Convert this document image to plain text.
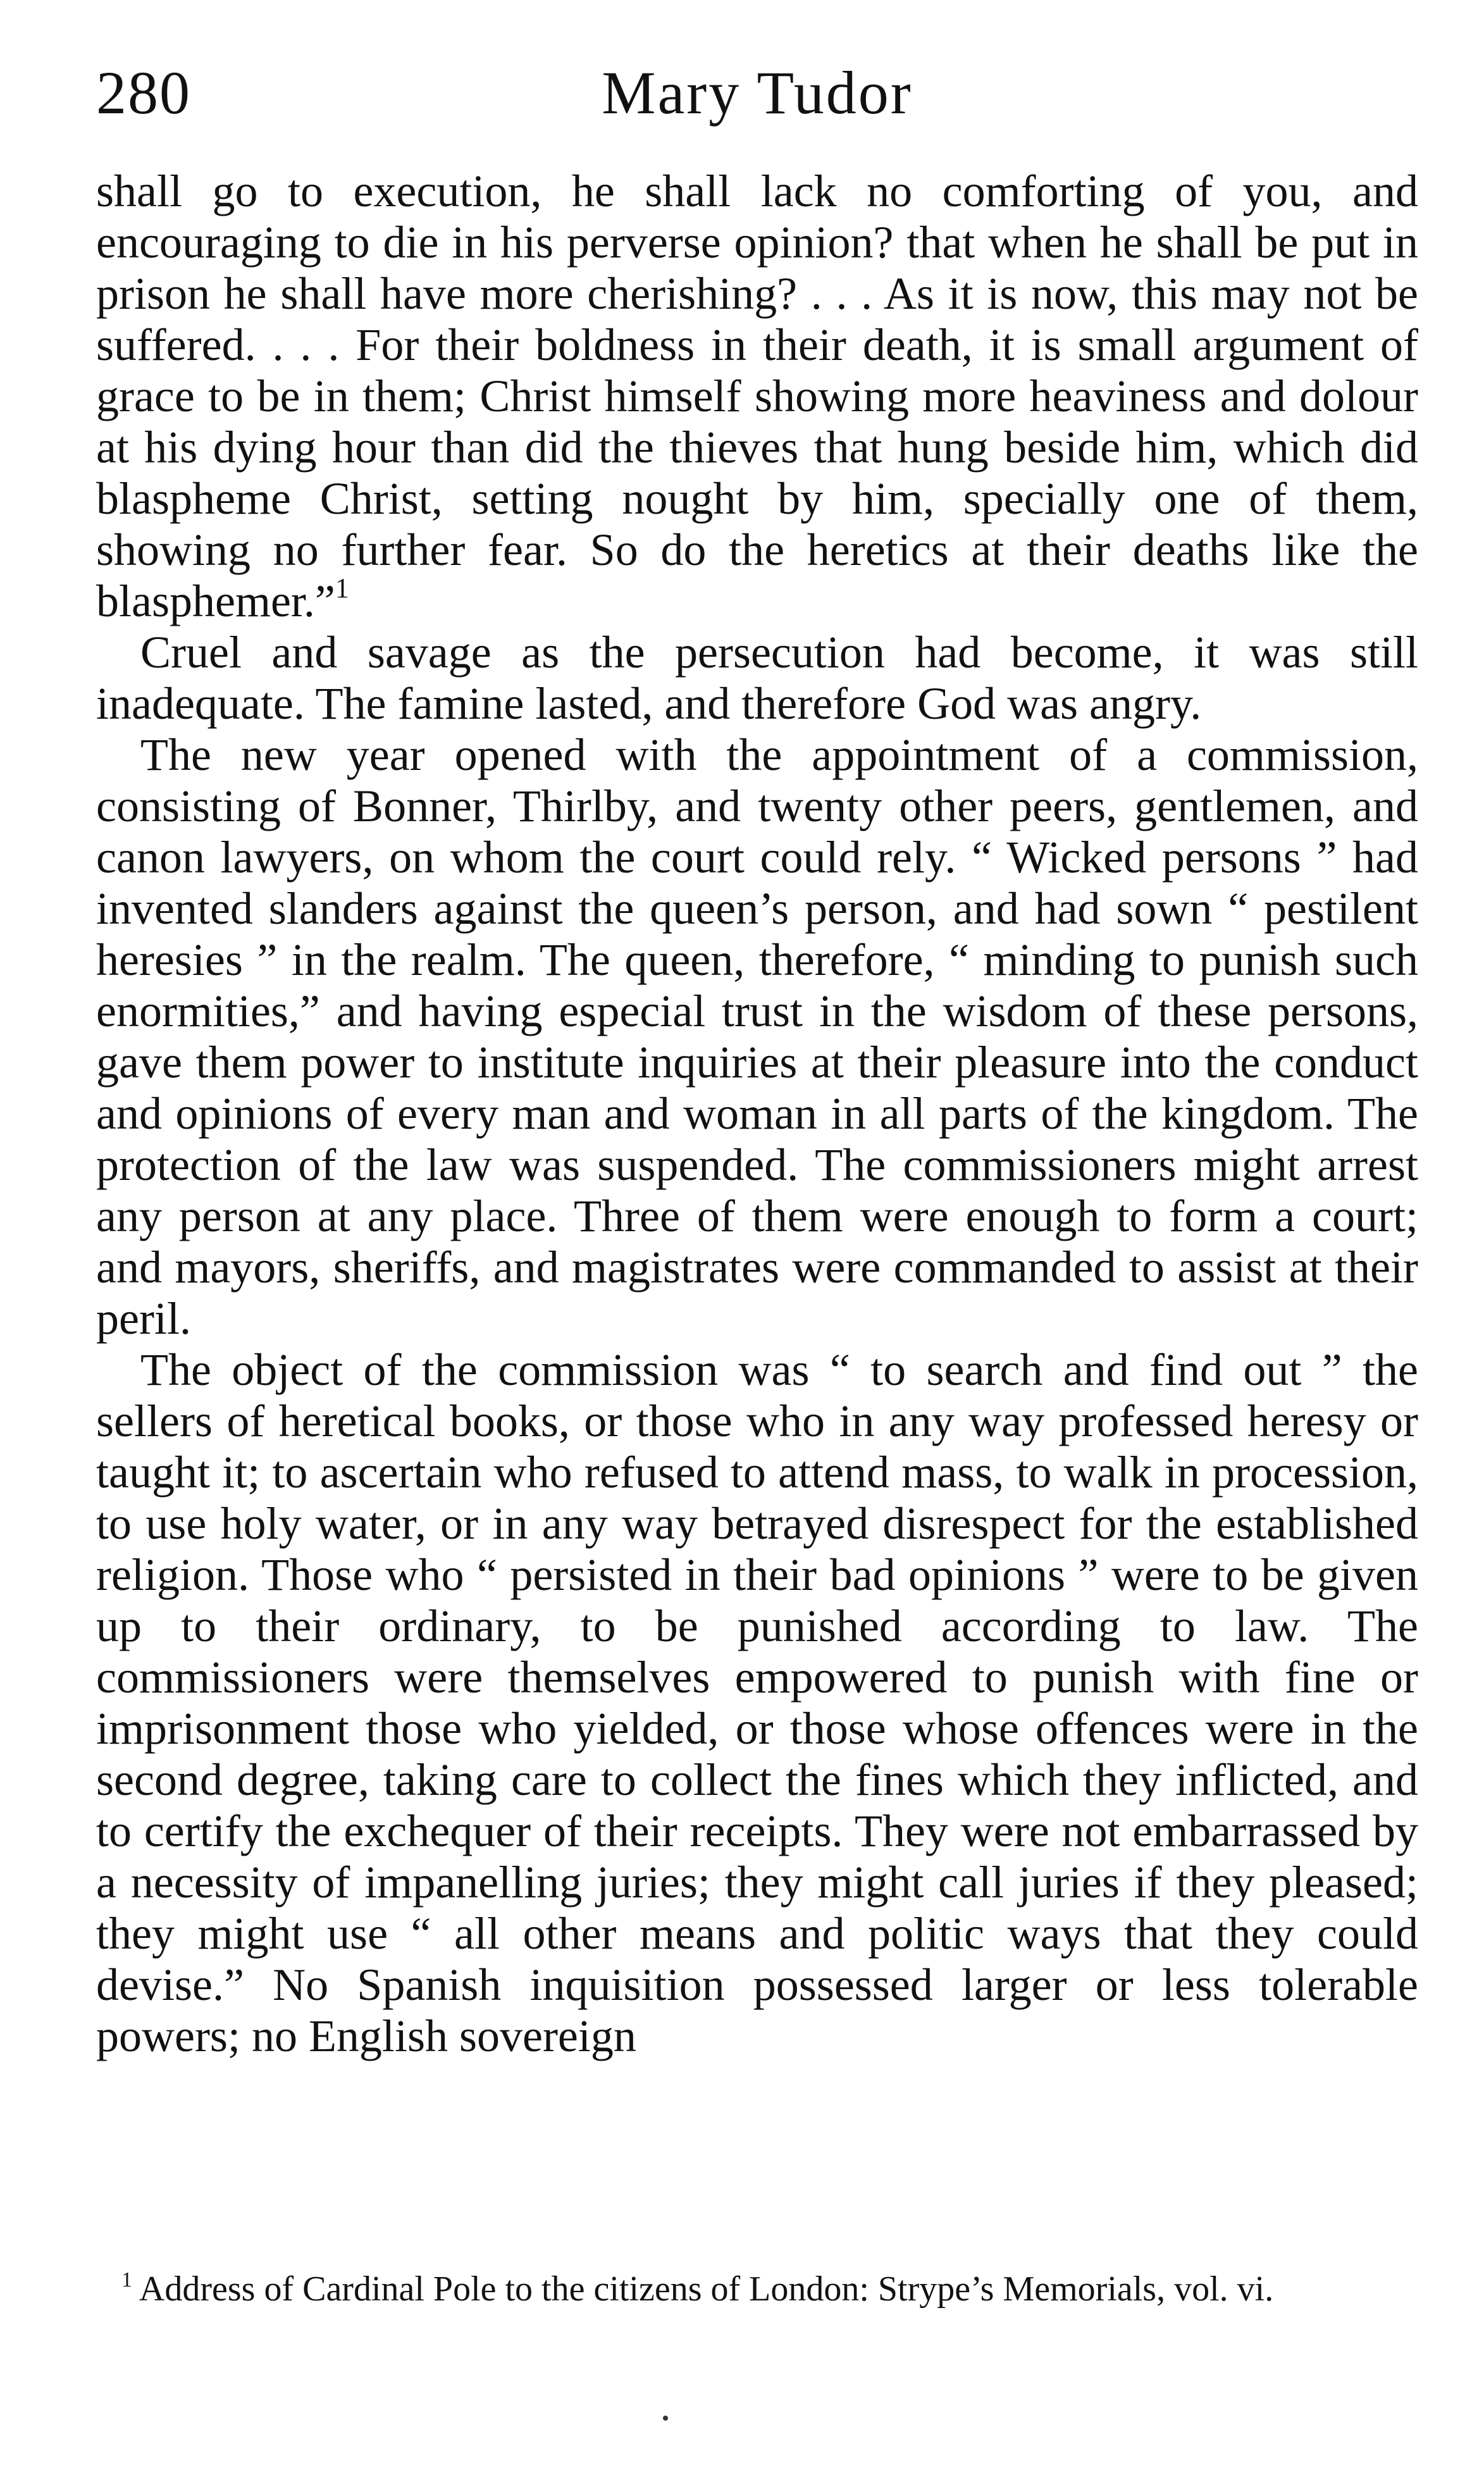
280	Mary Tudor

shall go to execution, he shall lack no comforting of you, and encouraging to die in his perverse opinion? that when he shall be put in prison he shall have more cherishing? . . . As it is now, this may not be suffered. . . . For their boldness in their death, it is small argument of grace to be in them; Christ himself showing more heaviness and dolour at his dying hour than did the thieves that hung beside him, which did blaspheme Christ, setting nought by him, specially one of them, showing no further fear. So do the heretics at their deaths like the blasphemer.”$^1$

Cruel and savage as the persecution had become, it was still inadequate. The famine lasted, and therefore God was angry.

The new year opened with the appointment of a commission, consisting of Bonner, Thirlby, and twenty other peers, gentlemen, and canon lawyers, on whom the court could rely. “ Wicked persons ” had invented slanders against the queen’s person, and had sown “ pestilent heresies ” in the realm. The queen, therefore, “ minding to punish such enormities,” and having especial trust in the wisdom of these persons, gave them power to institute inquiries at their pleasure into the conduct and opinions of every man and woman in all parts of the kingdom. The protection of the law was suspended. The commissioners might arrest any person at any place. Three of them were enough to form a court; and mayors, sheriffs, and magistrates were commanded to assist at their peril.

The object of the commission was “ to search and find out ” the sellers of heretical books, or those who in any way professed heresy or taught it; to ascertain who refused to attend mass, to walk in procession, to use holy water, or in any way betrayed disrespect for the established religion. Those who “ persisted in their bad opinions ” were to be given up to their ordinary, to be punished according to law. The commissioners were themselves empowered to punish with fine or imprisonment those who yielded, or those whose offences were in the second degree, taking care to collect the fines which they inflicted, and to certify the exchequer of their receipts. They were not embarrassed by a necessity of impanelling juries; they might call juries if they pleased; they might use “ all other means and politic ways that they could devise.” No Spanish inquisition possessed larger or less tolerable powers; no English sovereign

$^1$ Address of Cardinal Pole to the citizens of London: Strype’s Memorials, vol. vi.
